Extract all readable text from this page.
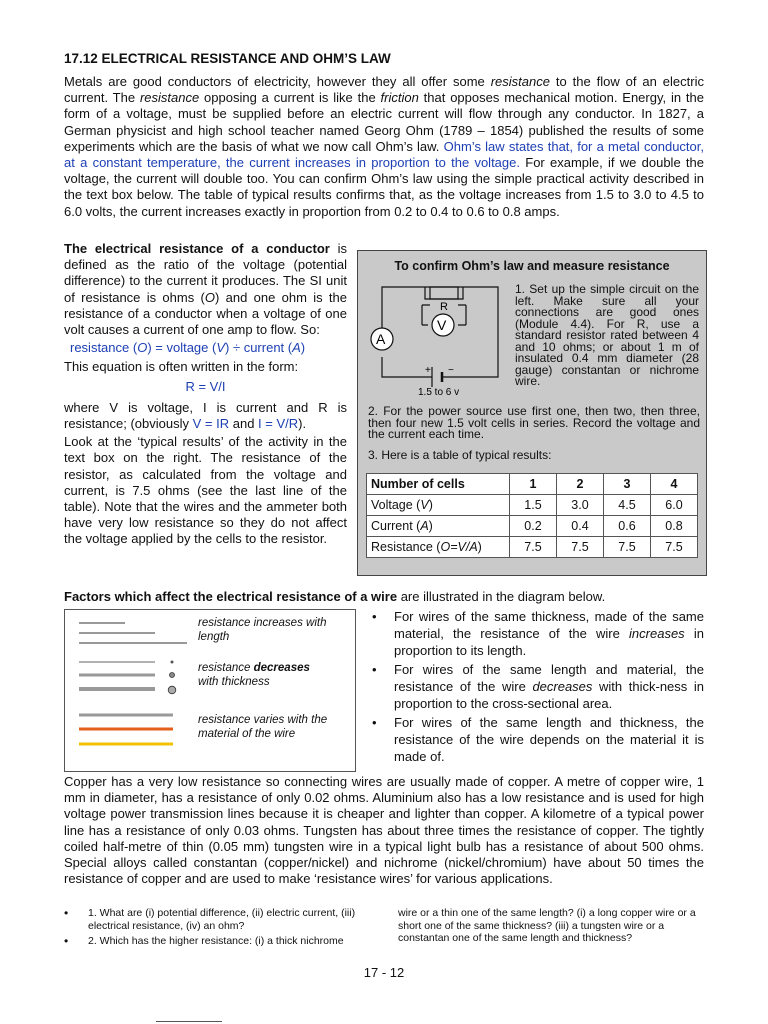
17.12 ELECTRICAL RESISTANCE AND OHM’S LAW
Metals are good conductors of electricity, however they all offer some resistance to the flow of an electric current. The resistance opposing a current is like the friction that opposes mechanical motion. Energy, in the form of a voltage, must be supplied before an electric current will flow through any conductor. In 1827, a German physicist and high school teacher named Georg Ohm (1789 – 1854) published the results of some experiments which are the basis of what we now call Ohm’s law. Ohm’s law states that, for a metal conductor, at a constant temperature, the current increases in proportion to the voltage. For example, if we double the voltage, the current will double too. You can confirm Ohm’s law using the simple practical activity described in the text box below. The table of typical results confirms that, as the voltage increases from 1.5 to 3.0 to 4.5 to 6.0 volts, the current increases exactly in proportion from 0.2 to 0.4 to 0.6 to 0.8 amps.

The electrical resistance of a conductor is defined as the ratio of the voltage (potential difference) to the current it produces. The SI unit of resistance is ohms (O) and one ohm is the resistance of a conductor when a voltage of one volt causes a current of one amp to flow. So:

resistance (O) = voltage (V) ÷ current (A)

This equation is often written in the form:

R = V/I

where V is voltage, I is current and R is resistance; (obviously V = IR and I = V/R).

Look at the ‘typical results’ of the activity in the text box on the right. The resistance of the resistor, as calculated from the voltage and current, is 7.5 ohms (see the last line of the table). Note that the wires and the ammeter both have very low resistance so they do not affect the voltage applied by the cells to the resistor.

To confirm Ohm’s law and measure resistance
R
V
A
+ −
1.5 to 6 v
1. Set up the simple circuit on the left. Make sure all your connections are good ones (Module 4.4). For R, use a standard resistor rated between 4 and 10 ohms; or about 1 m of insulated 0.4 mm diameter (28 gauge) constantan or nichrome wire.
2. For the power source use first one, then two, then three, then four new 1.5 volt cells in series. Record the voltage and the current each time.
3. Here is a table of typical results:
Number of cells	1	2	3	4
Voltage (V)	1.5	3.0	4.5	6.0
Current (A)	0.2	0.4	0.6	0.8
Resistance (O=V/A)	7.5	7.5	7.5	7.5
Factors which affect the electrical resistance of a wire are illustrated in the diagram below.
resistance increases with length
resistance decreases
with thickness
resistance varies with the material of the wire
• For wires of the same thickness, made of the same material, the resistance of the wire increases in proportion to its length.
• For wires of the same length and material, the resistance of the wire decreases with thick-ness in proportion to the cross-sectional area.
• For wires of the same length and thickness, the resistance of the wire depends on the material it is made of.
Copper has a very low resistance so connecting wires are usually made of copper. A metre of copper wire, 1 mm in diameter, has a resistance of only 0.02 ohms. Aluminium also has a low resistance and is used for high voltage power transmission lines because it is cheaper and lighter than copper. A kilometre of a typical power line has a resistance of only 0.03 ohms. Tungsten has about three times the resistance of copper. The tightly coiled half-metre of thin (0.05 mm) tungsten wire in a typical light bulb has a resistance of about 500 ohms. Special alloys called constantan (copper/nickel) and nichrome (nickel/chromium) have about 50 times the resistance of copper and are used to make ‘resistance wires’ for various applications.
• 1. What are (i) potential difference, (ii) electric current, (iii) electrical resistance, (iv) an ohm?
• 2. Which has the higher resistance: (i) a thick nichrome
wire or a thin one of the same length? (i) a long copper wire or a short one of the same thickness? (iii) a tungsten wire or a constantan one of the same length and thickness?
17 - 12
